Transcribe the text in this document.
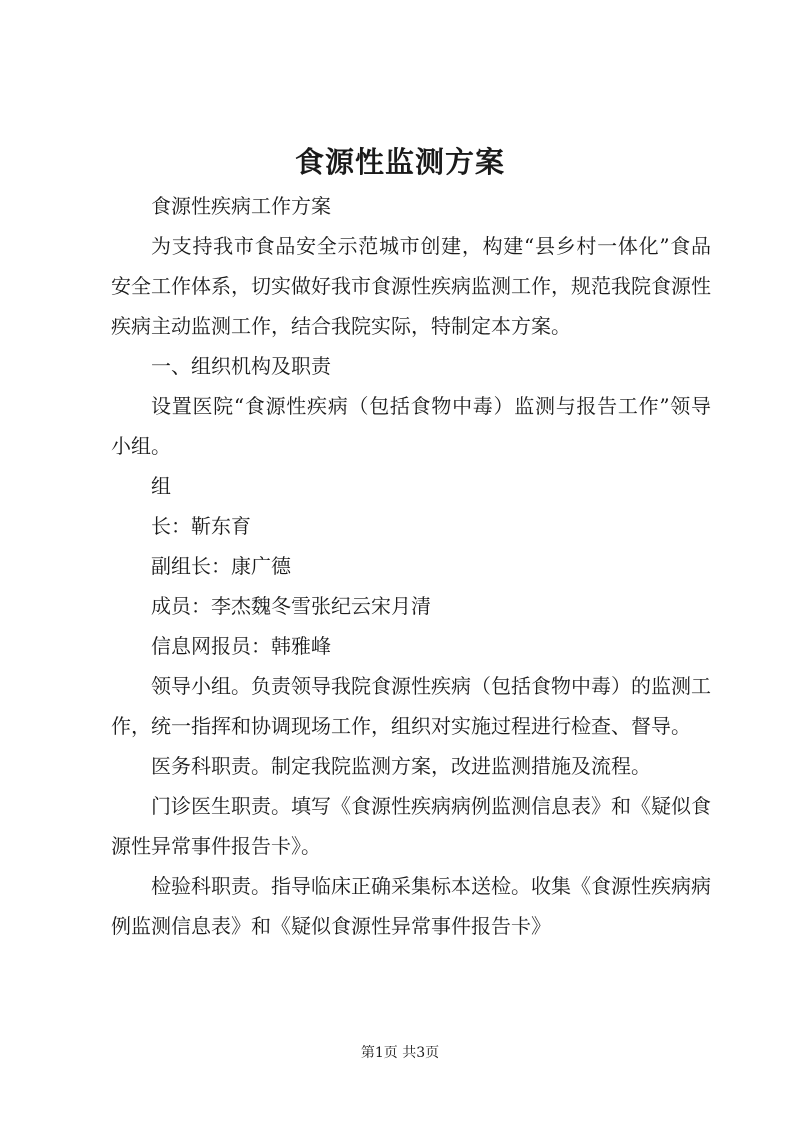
食源性监测方案

食源性疾病工作方案

为支持我市食品安全示范城市创建，构建“县乡村一体化”食品安全工作体系，切实做好我市食源性疾病监测工作，规范我院食源性疾病主动监测工作，结合我院实际，特制定本方案。

一、组织机构及职责

设置医院“食源性疾病（包括食物中毒）监测与报告工作”领导小组。

组

长：靳东育

副组长：康广德

成员：李杰魏冬雪张纪云宋月清

信息网报员：韩雅峰

领导小组。负责领导我院食源性疾病（包括食物中毒）的监测工作，统一指挥和协调现场工作，组织对实施过程进行检查、督导。

医务科职责。制定我院监测方案，改进监测措施及流程。

门诊医生职责。填写《食源性疾病病例监测信息表》和《疑似食源性异常事件报告卡》。

检验科职责。指导临床正确采集标本送检。收集《食源性疾病病例监测信息表》和《疑似食源性异常事件报告卡》

第1页 共3页
